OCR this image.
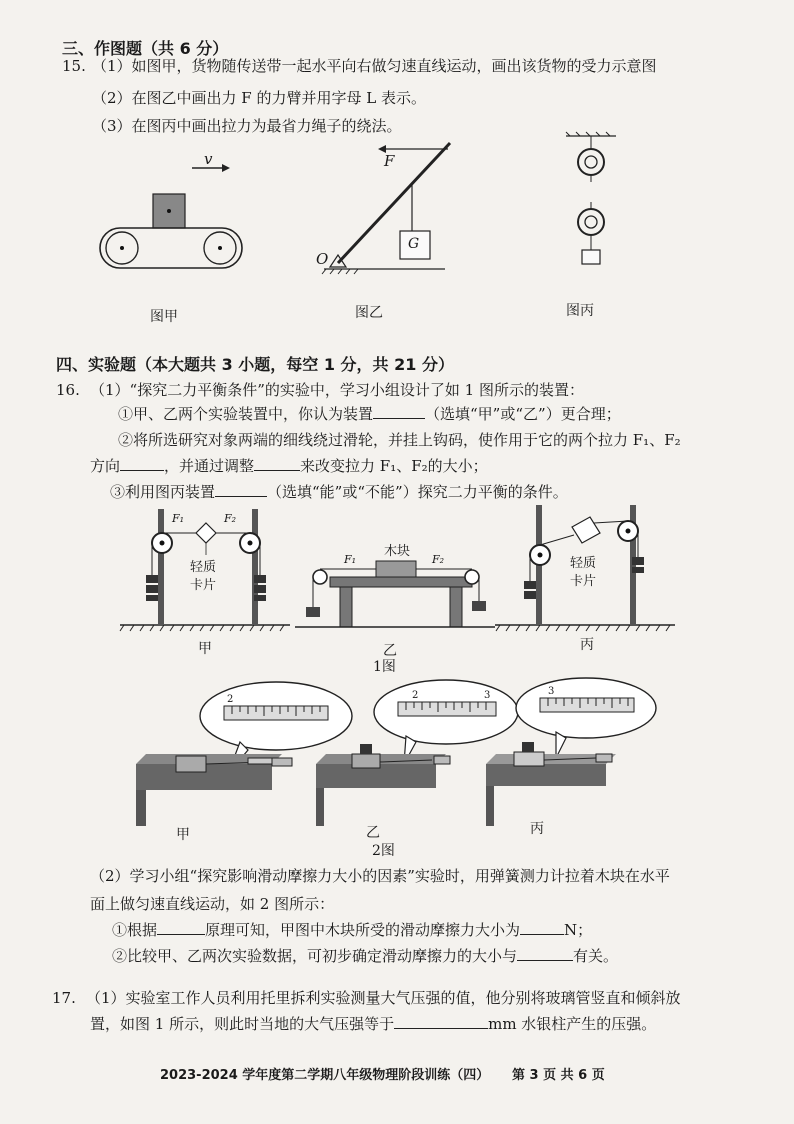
三、作图题（共 6 分）
15. （1）如图甲，货物随传送带一起水平向右做匀速直线运动，画出该货物的受力示意图
（2）在图乙中画出力 F 的力臂并用字母 L 表示。
（3）在图丙中画出拉力为最省力绳子的绕法。
v	F
O
G
图甲	图乙	图丙
四、实验题（本大题共 3 小题，每空 1 分，共 21 分）
16. （1）“探究二力平衡条件”的实验中，学习小组设计了如 1 图所示的装置：
①甲、乙两个实验装置中，你认为装置	（选填“甲”或“乙”）更合理；
②将所选研究对象两端的细线绕过滑轮，并挂上钩码，使作用于它的两个拉力 F₁、F₂
方向	，并通过调整	来改变拉力 F₁、F₂的大小；
③利用图丙装置	（选填“能”或“不能”）探究二力平衡的条件。
F₁	F₂
轻质
卡片
木块
F₁	F₂	轻质
卡片
甲	乙	丙
1图
2	2	3	3
甲	乙	丙
2图
（2）学习小组“探究影响滑动摩擦力大小的因素”实验时，用弹簧测力计拉着木块在水平
面上做匀速直线运动，如 2 图所示：
①根据	原理可知，甲图中木块所受的滑动摩擦力大小为	N；
②比较甲、乙两次实验数据，可初步确定滑动摩擦力的大小与	有关。
17. （1）实验室工作人员利用托里拆利实验测量大气压强的值，他分别将玻璃管竖直和倾斜放
置，如图 1 所示，则此时当地的大气压强等于	mm 水银柱产生的压强。
2023-2024 学年度第二学期八年级物理阶段训练（四） 第 3 页 共 6 页
